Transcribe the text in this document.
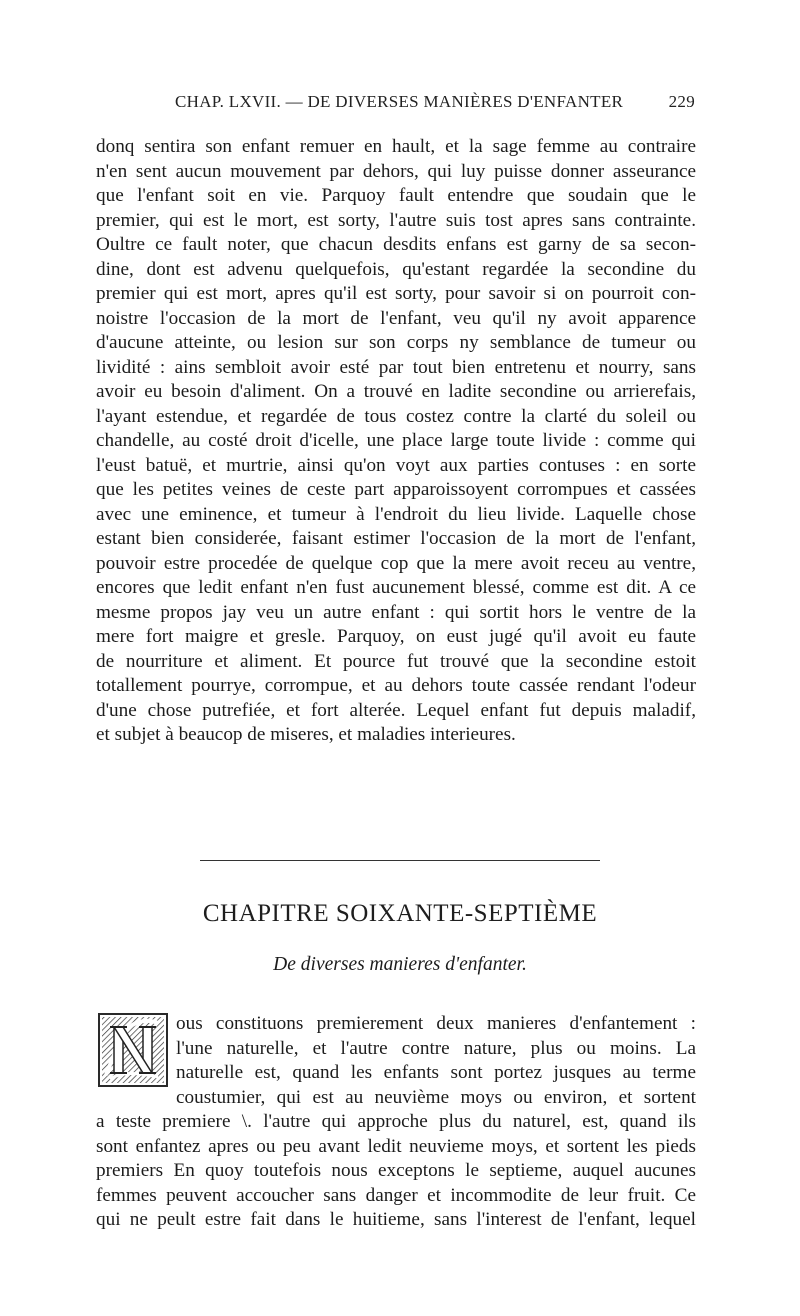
CHAP. LXVII. — DE DIVERSES MANIÈRES D'ENFANTER	229
donq sentira son enfant remuer en hault, et la sage femme au contraire
n'en sent aucun mouvement par dehors, qui luy puisse donner asseurance
que l'enfant soit en vie. Parquoy fault entendre que soudain que le
premier, qui est le mort, est sorty, l'autre suis tost apres sans contrainte.
Oultre ce fault noter, que chacun desdits enfans est garny de sa secon-
dine, dont est advenu quelquefois, qu'estant regardée la secondine du
premier qui est mort, apres qu'il est sorty, pour savoir si on pourroit con-
noistre l'occasion de la mort de l'enfant, veu qu'il ny avoit apparence
d'aucune atteinte, ou lesion sur son corps ny semblance de tumeur ou
lividité : ains sembloit avoir esté par tout bien entretenu et nourry, sans
avoir eu besoin d'aliment. On a trouvé en ladite secondine ou arrierefais,
l'ayant estendue, et regardée de tous costez contre la clarté du soleil ou
chandelle, au costé droit d'icelle, une place large toute livide : comme qui
l'eust batuë, et murtrie, ainsi qu'on voyt aux parties contuses : en sorte
que les petites veines de ceste part apparoissoyent corrompues et cassées
avec une eminence, et tumeur à l'endroit du lieu livide. Laquelle chose
estant bien considerée, faisant estimer l'occasion de la mort de l'enfant,
pouvoir estre procedée de quelque cop que la mere avoit receu au ventre,
encores que ledit enfant n'en fust aucunement blessé, comme est dit. A ce
mesme propos jay veu un autre enfant : qui sortit hors le ventre de la
mere fort maigre et gresle. Parquoy, on eust jugé qu'il avoit eu faute
de nourriture et aliment. Et pource fut trouvé que la secondine estoit
totallement pourrye, corrompue, et au dehors toute cassée rendant l'odeur
d'une chose putrefiée, et fort alterée. Lequel enfant fut depuis maladif,
et subjet à beaucop de miseres, et maladies interieures.
CHAPITRE SOIXANTE-SEPTIÈME
De diverses manieres d'enfanter.
ous constituons premierement deux manieres d'enfantement :
l'une naturelle, et l'autre contre nature, plus ou moins. La
naturelle est, quand les enfants sont portez jusques au terme
coustumier, qui est au neuvième moys ou environ, et sortent
a teste premiere \. l'autre qui approche plus du naturel, est, quand ils
sont enfantez apres ou peu avant ledit neuvieme moys, et sortent les pieds
premiers En quoy toutefois nous exceptons le septieme, auquel aucunes
femmes peuvent accoucher sans danger et incommodite de leur fruit. Ce
qui ne peult estre fait dans le huitieme, sans l'interest de l'enfant, lequel
